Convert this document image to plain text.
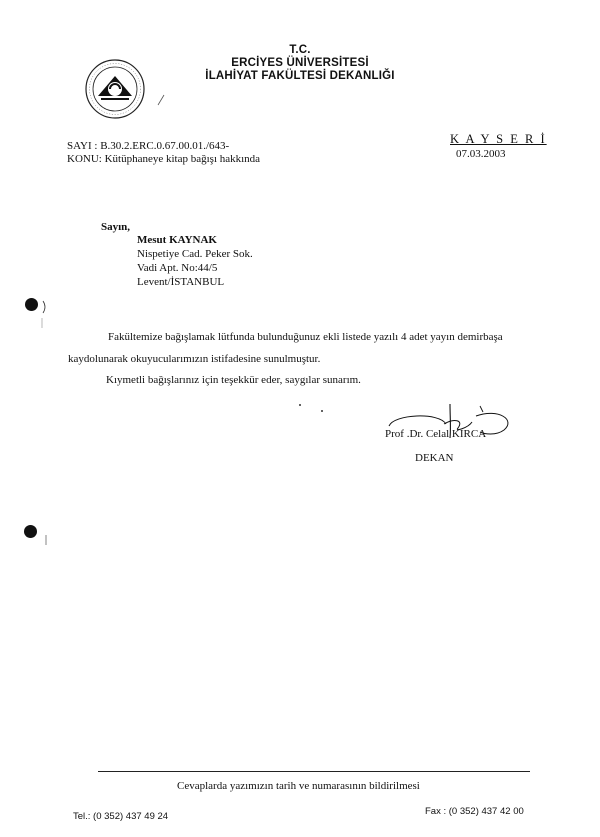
T.C.
ERCİYES ÜNİVERSİTESİ
İLAHİYAT FAKÜLTESİ DEKANLIĞI
SAYI : B.30.2.ERC.0.67.00.01./643-
KONU: Kütüphaneye kitap bağışı hakkında
K A Y S E R İ
07.03.2003
Sayın,
Mesut KAYNAK
Nispetiye Cad. Peker Sok.
Vadi Apt. No:44/5
Levent/İSTANBUL
Fakültemize bağışlamak lütfunda bulunduğunuz ekli listede yazılı 4 adet yayın demirbaşa
kaydolunarak okuyucularımızın istifadesine sunulmuştur.
Kıymetli bağışlarınız için teşekkür eder, saygılar sunarım.
Prof .Dr. Celal KIRCA
DEKAN
Cevaplarda yazımızın tarih ve numarasının bildirilmesi
Tel.: (0 352) 437 49 24	Fax : (0 352) 437 42 00
